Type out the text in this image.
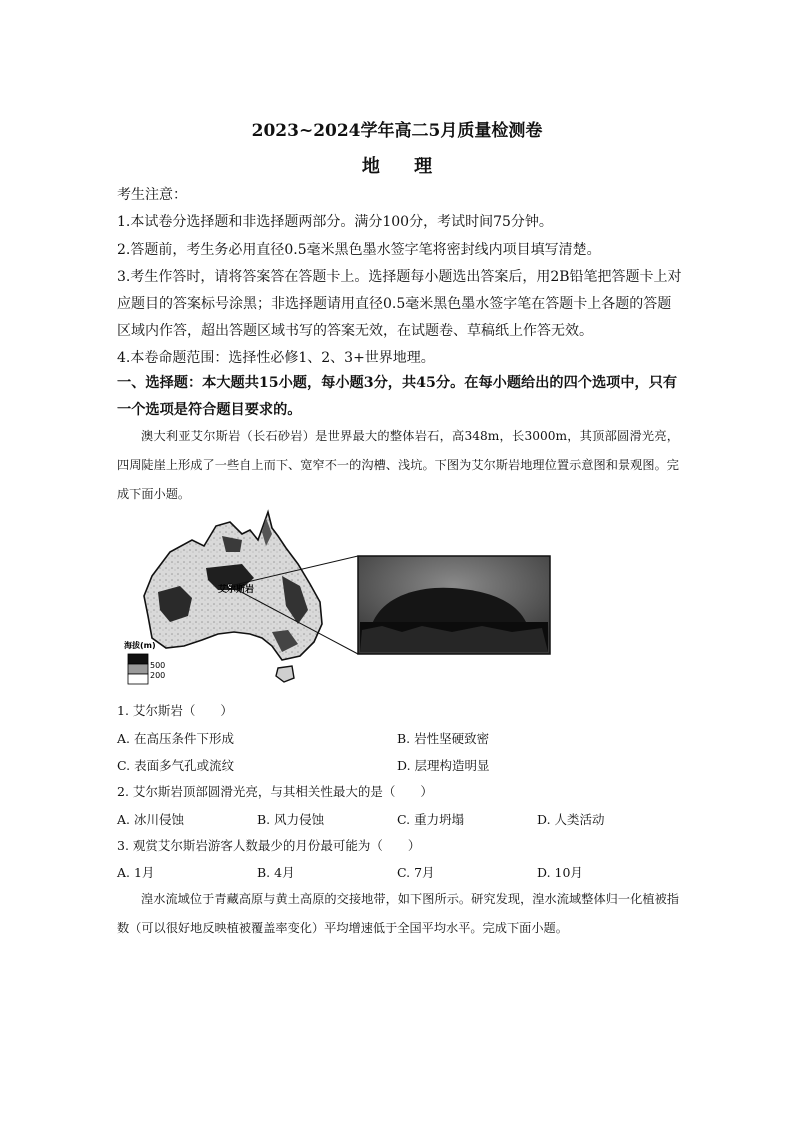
2023~2024学年高二5月质量检测卷
地 理
考生注意：
1.本试卷分选择题和非选择题两部分。满分100分，考试时间75分钟。
2.答题前，考生务必用直径0.5毫米黑色墨水签字笔将密封线内项目填写清楚。
3.考生作答时，请将答案答在答题卡上。选择题每小题选出答案后，用2B铅笔把答题卡上对
应题目的答案标号涂黑；非选择题请用直径0.5毫米黑色墨水签字笔在答题卡上各题的答题
区域内作答，超出答题区域书写的答案无效，在试题卷、草稿纸上作答无效。
4.本卷命题范围：选择性必修1、2、3+世界地理。
一、选择题：本大题共15小题，每小题3分，共45分。在每小题给出的四个选项中，只有
一个选项是符合题目要求的。
澳大利亚艾尔斯岩（长石砂岩）是世界最大的整体岩石，高348m，长3000m，其顶部圆滑光亮，四周陡崖上形成了一些自上而下、宽窄不一的沟槽、浅坑。下图为艾尔斯岩地理位置示意图和景观图。完成下面小题。
艾尔斯岩
海拔(m)
500
200
1. 艾尔斯岩（　　）
A. 在高压条件下形成	B. 岩性坚硬致密
C. 表面多气孔或流纹	D. 层理构造明显
2. 艾尔斯岩顶部圆滑光亮，与其相关性最大的是（　　）
A. 冰川侵蚀	B. 风力侵蚀	C. 重力坍塌	D. 人类活动
3. 观赏艾尔斯岩游客人数最少的月份最可能为（　　）
A. 1月	B. 4月	C. 7月	D. 10月
湟水流域位于青藏高原与黄土高原的交接地带，如下图所示。研究发现，湟水流域整体归一化植被指数（可以很好地反映植被覆盖率变化）平均增速低于全国平均水平。完成下面小题。
